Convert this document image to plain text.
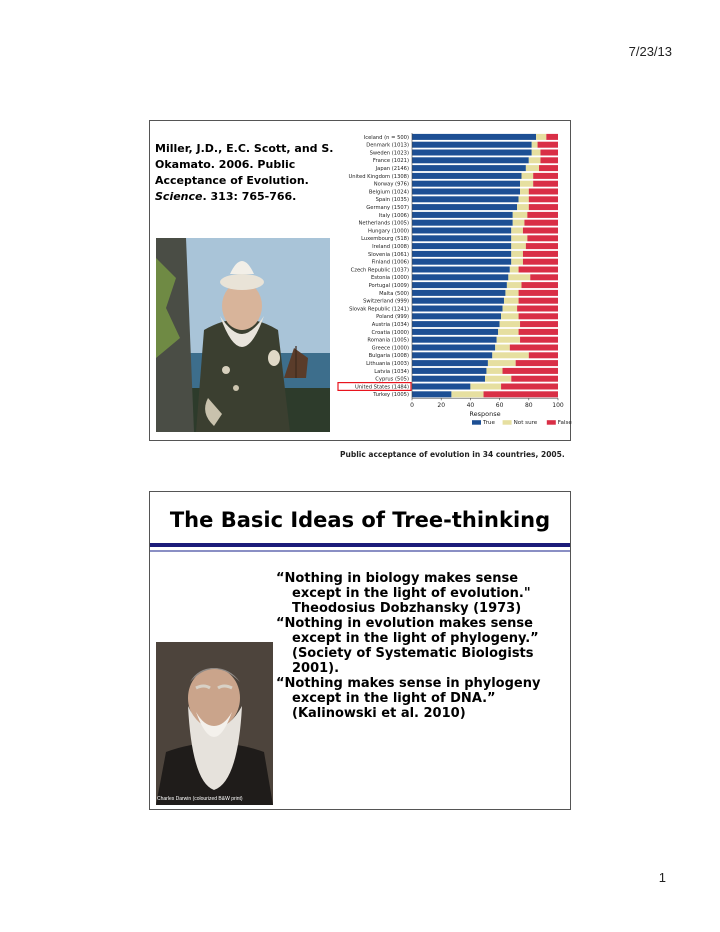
7/23/13
Miller, J.D., E.C. Scott, and S. Okamato. 2006. Public Acceptance of Evolution. Science. 313: 765-766.
Iceland (n = 500)
Denmark (1013)
Sweden (1023)
France (1021)
Japan (2146)
United Kingdom (1308)
Norway (976)
Belgium (1024)
Spain (1035)
Germany (1507)
Italy (1006)
Netherlands (1005)
Hungary (1000)
Luxembourg (518)
Ireland (1008)
Slovenia (1061)
Finland (1006)
Czech Republic (1037)
Estonia (1000)
Portugal (1009)
Malta (500)
Switzerland (999)
Slovak Republic (1241)
Poland (999)
Austria (1034)
Croatia (1000)
Romania (1005)
Greece (1000)
Bulgaria (1008)
Lithuania (1003)
Latvia (1034)
Cyprus (505)
United States (1484)
Turkey (1005)
0	20	40	60	80	100
Response
True	Not sure	False
Public acceptance of evolution in 34 countries, 2005.
The Basic Ideas of Tree-thinking

“Nothing in biology makes sense except in the light of evolution." Theodosius Dobzhansky (1973)

“Nothing in evolution makes sense except in the light of phylogeny.” (Society of Systematic Biologists 2001).

“Nothing makes sense in phylogeny except in the light of DNA.” (Kalinowski et al. 2010)

Charles Darwin (colourized B&W print)
1
